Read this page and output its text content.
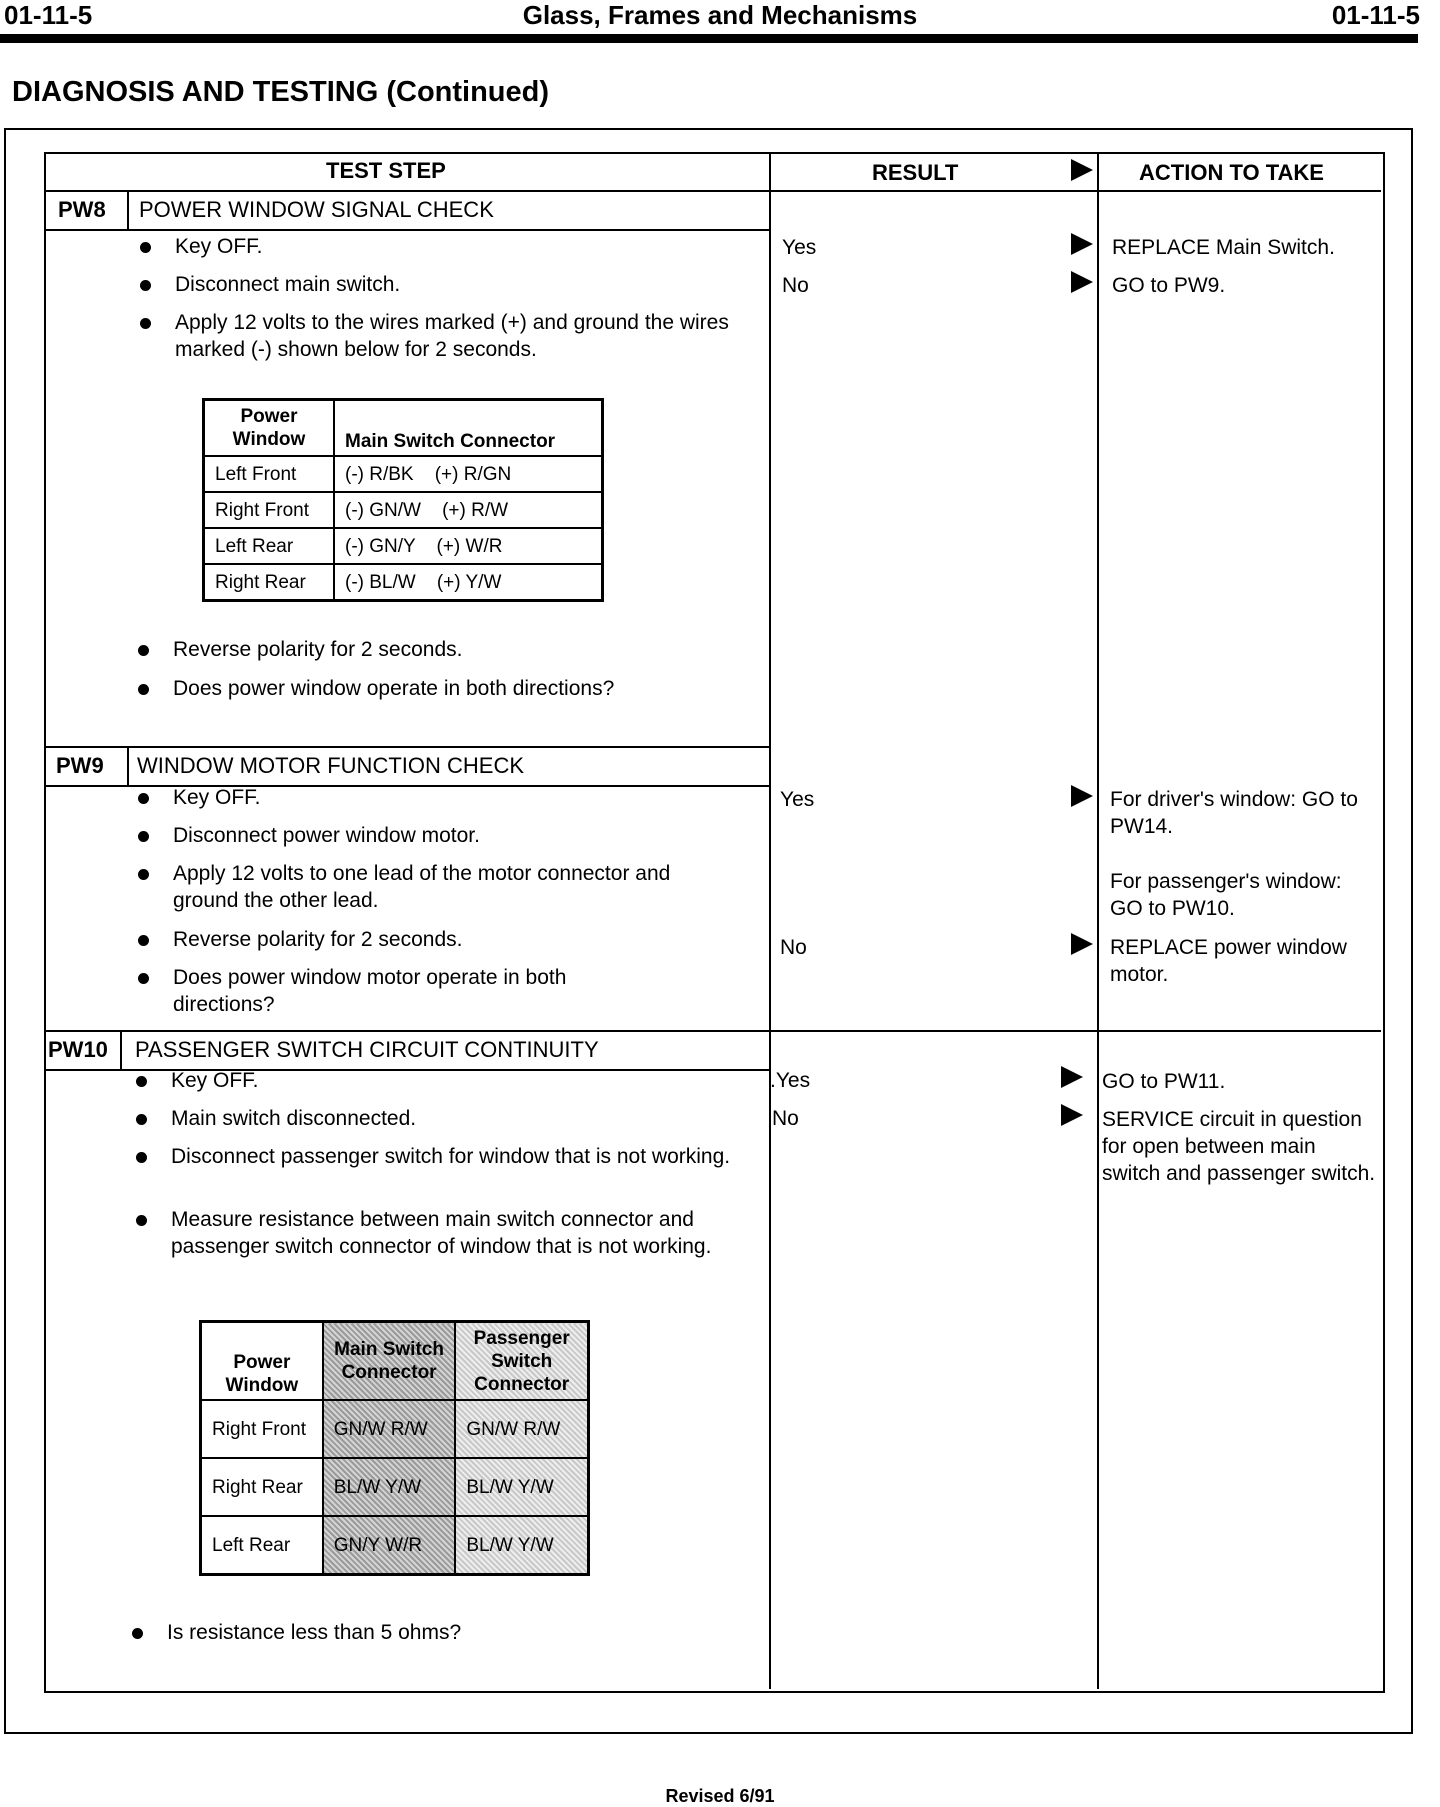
01-11-5	Glass, Frames and Mechanisms	01-11-5
DIAGNOSIS AND TESTING (Continued)
TEST STEP	RESULT	ACTION TO TAKE
PW8 POWER WINDOW SIGNAL CHECK
Key OFF.
Disconnect main switch.
Apply 12 volts to the wires marked (+) and ground the wires marked (-) shown below for 2 seconds.
Power Window	Main Switch Connector
Left Front	(-) R/BK    (+) R/GN
Right Front	(-) GN/W    (+) R/W
Left Rear	(-) GN/Y    (+) W/R
Right Rear	(-) BL/W    (+) Y/W
Reverse polarity for 2 seconds.
Does power window operate in both directions?
Yes	REPLACE Main Switch.
No	GO to PW9.
PW9 WINDOW MOTOR FUNCTION CHECK
Key OFF.
Disconnect power window motor.
Apply 12 volts to one lead of the motor connector and ground the other lead.
Reverse polarity for 2 seconds.
Does power window motor operate in both directions?
Yes	For driver's window: GO to PW14.
For passenger's window: GO to PW10.
No	REPLACE power window motor.
PW10 PASSENGER SWITCH CIRCUIT CONTINUITY
Key OFF.
Main switch disconnected.
Disconnect passenger switch for window that is not working.
Measure resistance between main switch connector and passenger switch connector of window that is not working.
Power Window	Main Switch Connector	Passenger Switch Connector
Right Front	GN/W R/W	GN/W R/W
Right Rear	BL/W Y/W	BL/W Y/W
Left Rear	GN/Y W/R	BL/W Y/W
Is resistance less than 5 ohms?
.Yes	GO to PW11.
No	SERVICE circuit in question for open between main switch and passenger switch.
Revised 6/91
